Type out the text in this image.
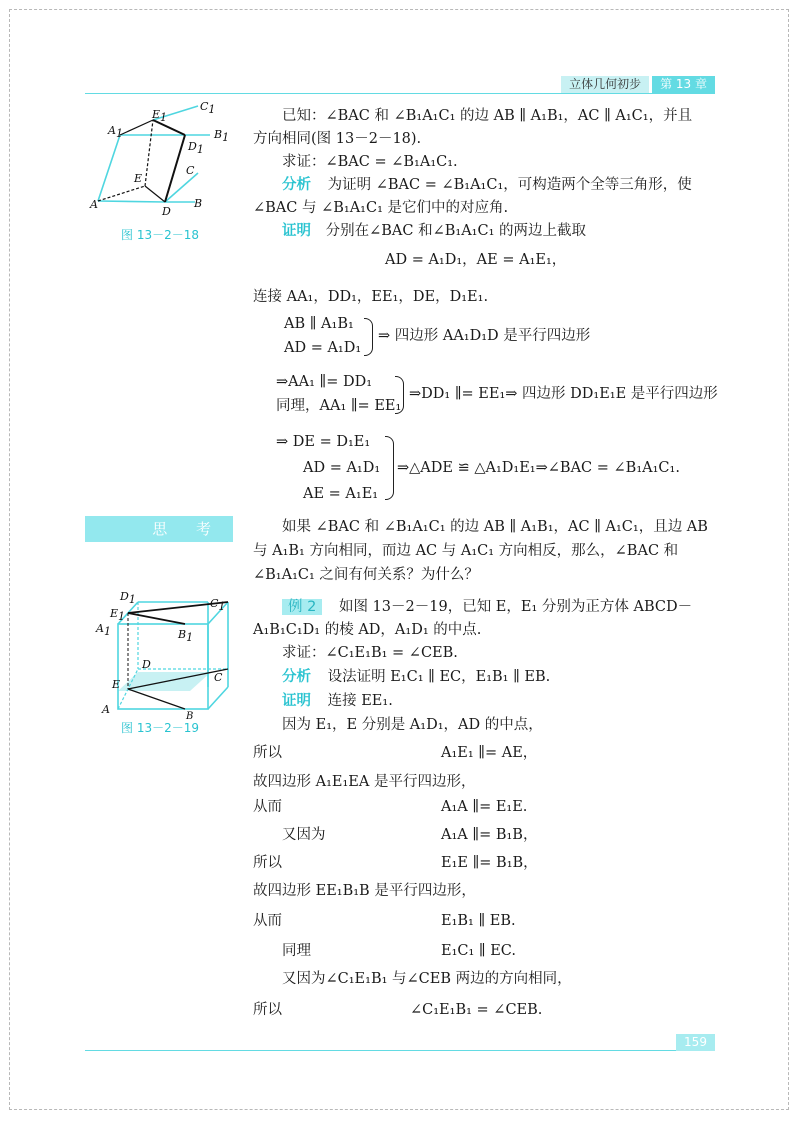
立体几何初步	第 13 章
A
D
B
E
C
A1
E1
C1
B1
D1
图 13－2－18
已知：∠BAC 和 ∠B₁A₁C₁ 的边 AB ∥ A₁B₁，AC ∥ A₁C₁，并且
方向相同(图 13－2－18).
求证：∠BAC = ∠B₁A₁C₁.
分析 为证明 ∠BAC = ∠B₁A₁C₁，可构造两个全等三角形，使
∠BAC 与 ∠B₁A₁C₁ 是它们中的对应角.
证明 分别在∠BAC 和∠B₁A₁C₁ 的两边上截取
AD = A₁D₁，AE = A₁E₁，
连接 AA₁，DD₁，EE₁，DE，D₁E₁.
AB ∥ A₁B₁
AD = A₁D₁
⇒ 四边形 AA₁D₁D 是平行四边形
⇒AA₁ ∥= DD₁
同理，AA₁ ∥= EE₁
⇒DD₁ ∥= EE₁⇒ 四边形 DD₁E₁E 是平行四边形
⇒ DE = D₁E₁
AD = A₁D₁
AE = A₁E₁
⇒△ADE ≌ △A₁D₁E₁⇒∠BAC = ∠B₁A₁C₁.
思 考	如果 ∠BAC 和 ∠B₁A₁C₁ 的边 AB ∥ A₁B₁，AC ∥ A₁C₁，且边 AB
与 A₁B₁ 方向相同，而边 AC 与 A₁C₁ 方向相反，那么，∠BAC 和
∠B₁A₁C₁ 之间有何关系？为什么？
A
B
C
D
E
A1	B1
C1
D1
E1
图 13－2－19
例 2 如图 13－2－19，已知 E，E₁ 分别为正方体 ABCD－
A₁B₁C₁D₁ 的棱 AD，A₁D₁ 的中点.
求证：∠C₁E₁B₁ = ∠CEB.
分析 设法证明 E₁C₁ ∥ EC，E₁B₁ ∥ EB.
证明 连接 EE₁.
因为 E₁，E 分别是 A₁D₁，AD 的中点，
所以	A₁E₁ ∥= AE，
故四边形 A₁E₁EA 是平行四边形，
从而	A₁A ∥= E₁E.
又因为	A₁A ∥= B₁B，
所以	E₁E ∥= B₁B，
故四边形 EE₁B₁B 是平行四边形，
从而	E₁B₁ ∥ EB.
同理	E₁C₁ ∥ EC.
又因为∠C₁E₁B₁ 与∠CEB 两边的方向相同，
所以	∠C₁E₁B₁ = ∠CEB.
159
